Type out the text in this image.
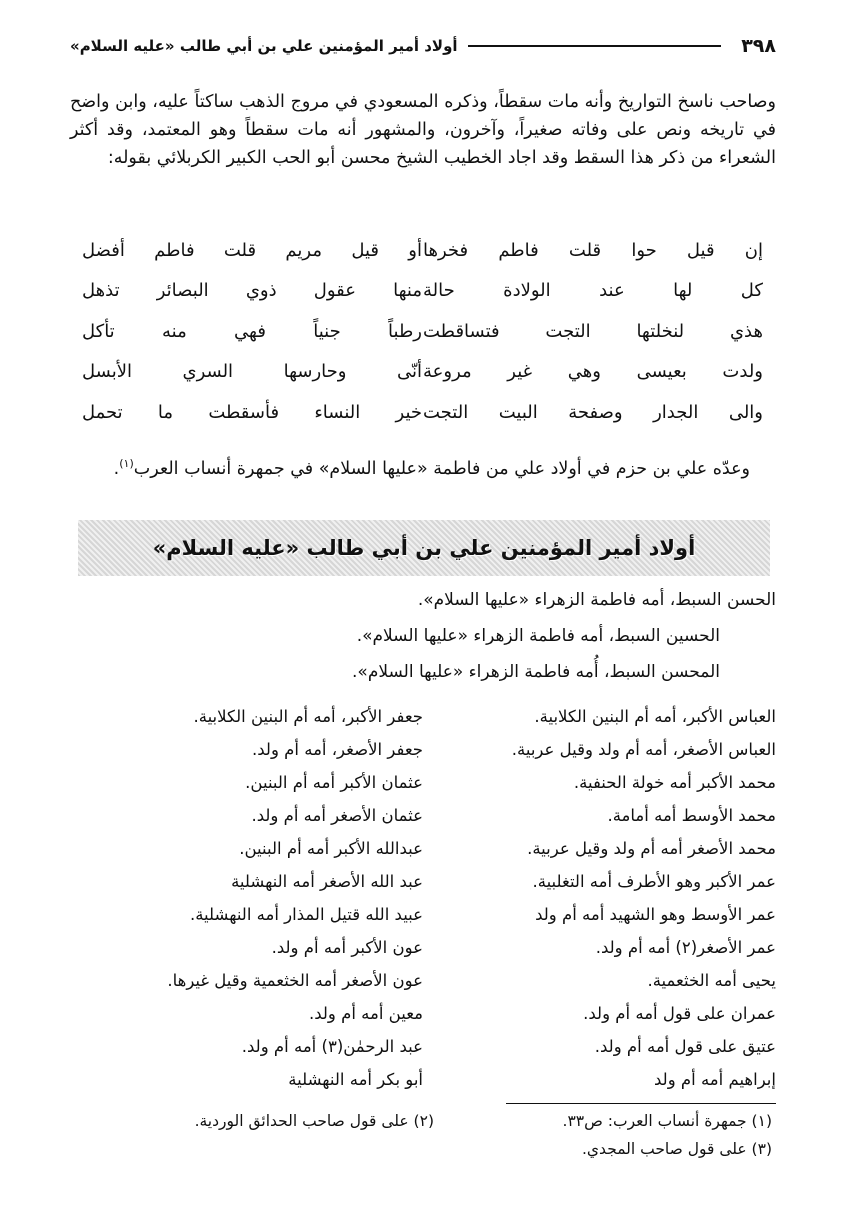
٣٩٨
أولاد أمير المؤمنين علي بن أبي طالب «عليه السلام»
وصاحب ناسخ التواريخ وأنه مات سقطاً، وذكره المسعودي في مروج الذهب ساكتاً عليه، وابن واضح في تاريخه ونص على وفاته صغيراً، وآخرون، والمشهور أنه مات سقطاً وهو المعتمد، وقد أكثر الشعراء من ذكر هذا السقط وقد اجاد الخطيب الشيخ محسن أبو الحب الكبير الكربلائي بقوله:
إن قيل حوا قلت فاطم فخرها
أو قيل مريم قلت فاطم أفضل
كل لها عند الولادة حالة
منها عقول ذوي البصائر تذهل
هذي لنخلتها التجت فتساقطت
رطباً جنياً فهي منه تأكل
ولدت بعيسى وهي غير مروعة
أنّى وحارسها السري الأبسل
والى الجدار وصفحة البيت التجت
خير النساء فأسقطت ما تحمل
وعدّه علي بن حزم في أولاد علي من فاطمة «عليها السلام» في جمهرة أنساب العرب$^{(١)}$.
أولاد أمير المؤمنين علي بن أبي طالب «عليه السلام»
الحسن السبط، أمه فاطمة الزهراء «عليها السلام».
الحسين السبط، أمه فاطمة الزهراء «عليها السلام».
المحسن السبط، أُمه فاطمة الزهراء «عليها السلام».
العباس الأكبر، أمه أم البنين الكلابية.
العباس الأصغر، أمه أم ولد وقيل عربية.
محمد الأكبر أمه خولة الحنفية.
محمد الأوسط أمه أمامة.
محمد الأصغر أمه أم ولد وقيل عربية.
عمر الأكبر وهو الأطرف أمه التغلبية.
عمر الأوسط وهو الشهيد أمه أم ولد
عمر الأصغر(٢) أمه أم ولد.
يحيى أمه الخثعمية.
عمران على قول أمه أم ولد.
عتيق على قول أمه أم ولد.
إبراهيم أمه أم ولد
جعفر الأكبر، أمه أم البنين الكلابية.
جعفر الأصغر، أمه أم ولد.
عثمان الأكبر أمه أم البنين.
عثمان الأصغر أمه أم ولد.
عبدالله الأكبر أمه أم البنين.
عبد الله الأصغر أمه النهشلية
عبيد الله قتيل المذار أمه النهشلية.
عون الأكبر أمه أم ولد.
عون الأصغر أمه الخثعمية وقيل غيرها.
معين أمه أم ولد.
عبد الرحمٰن(٣) أمه أم ولد.
أبو بكر أمه النهشلية
(١) جمهرة أنساب العرب: ص٣٣.
(٢) على قول صاحب الحدائق الوردية.
(٣) على قول صاحب المجدي.
